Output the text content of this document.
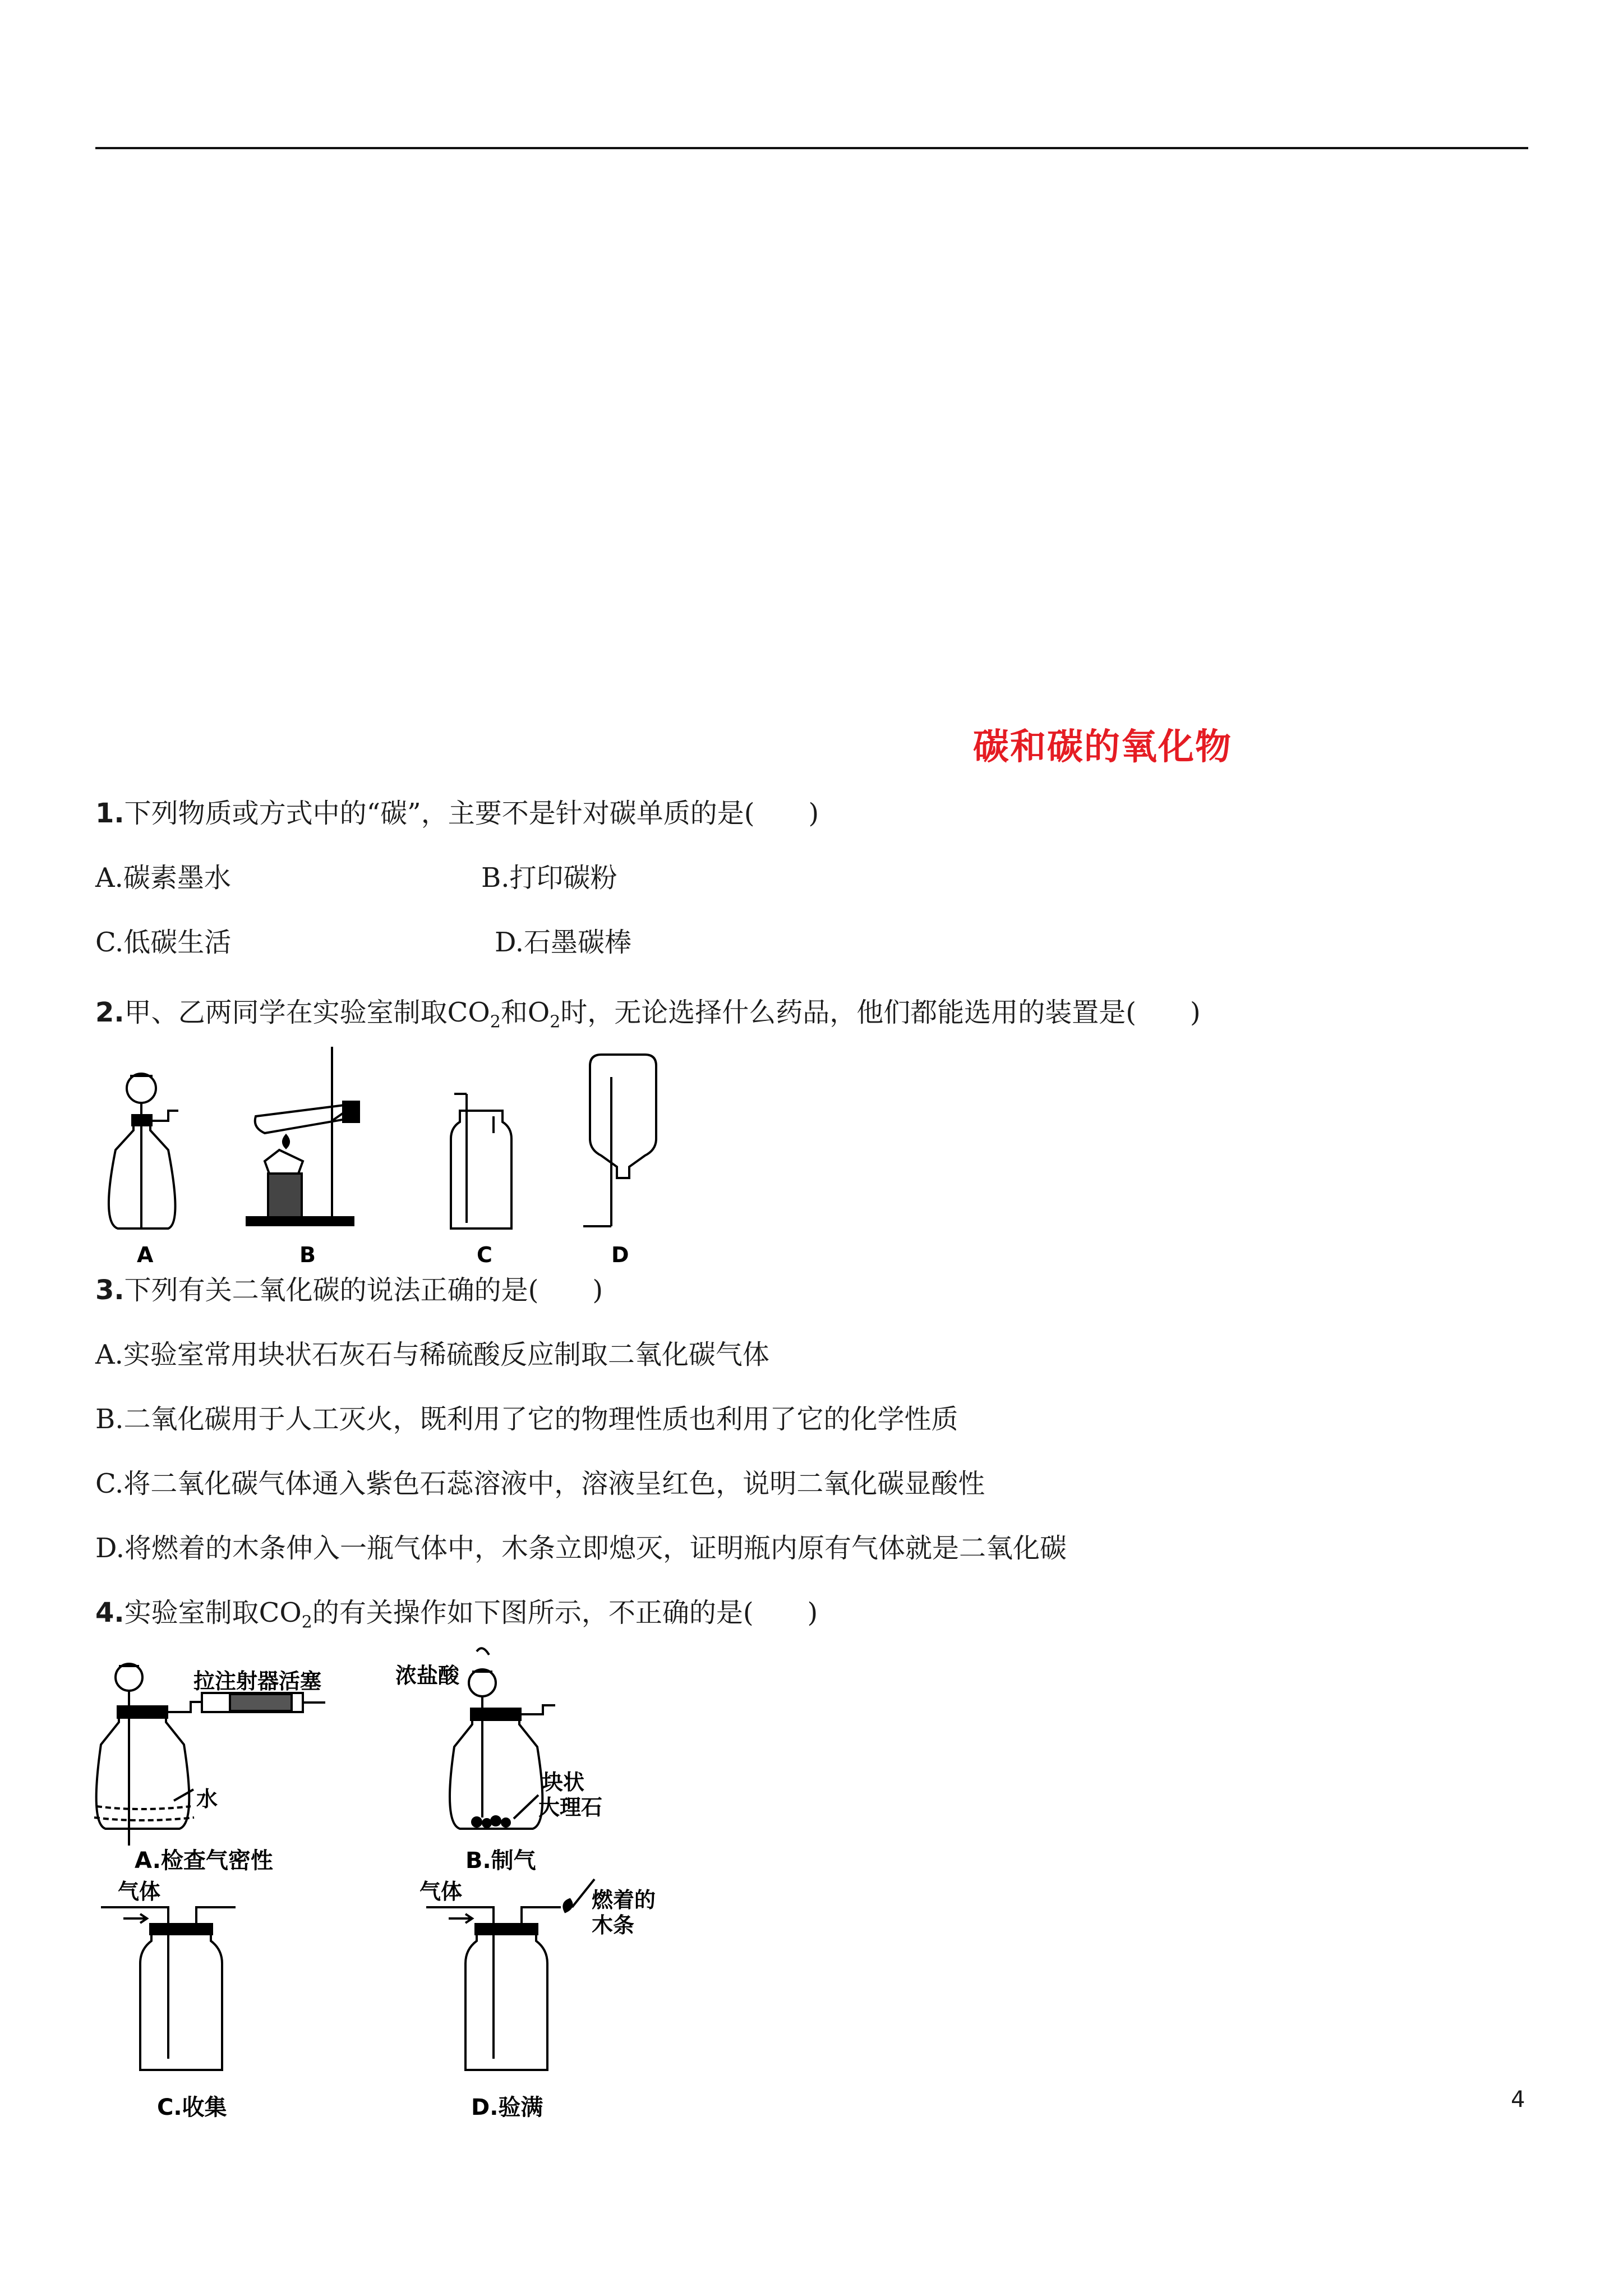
碳和碳的氧化物
1.下列物质或方式中的“碳”，主要不是针对碳单质的是(　　)
A.碳素墨水	B.打印碳粉
C.低碳生活	D.石墨碳棒
2.甲、乙两同学在实验室制取$CO_2$和$O_2$时，无论选择什么药品，他们都能选用的装置是(　　)
A	B	C	D
3.下列有关二氧化碳的说法正确的是(　　)
A.实验室常用块状石灰石与稀硫酸反应制取二氧化碳气体
B.二氧化碳用于人工灭火，既利用了它的物理性质也利用了它的化学性质
C.将二氧化碳气体通入紫色石蕊溶液中，溶液呈红色，说明二氧化碳显酸性
D.将燃着的木条伸入一瓶气体中，木条立即熄灭，证明瓶内原有气体就是二氧化碳
4.实验室制取$CO_2$的有关操作如下图所示，不正确的是(　　)
拉注射器活塞
水
A.检查气密性
浓盐酸
块状
大理石
B.制气
气体
C.收集
气体	燃着的
木条
D.验满	4
